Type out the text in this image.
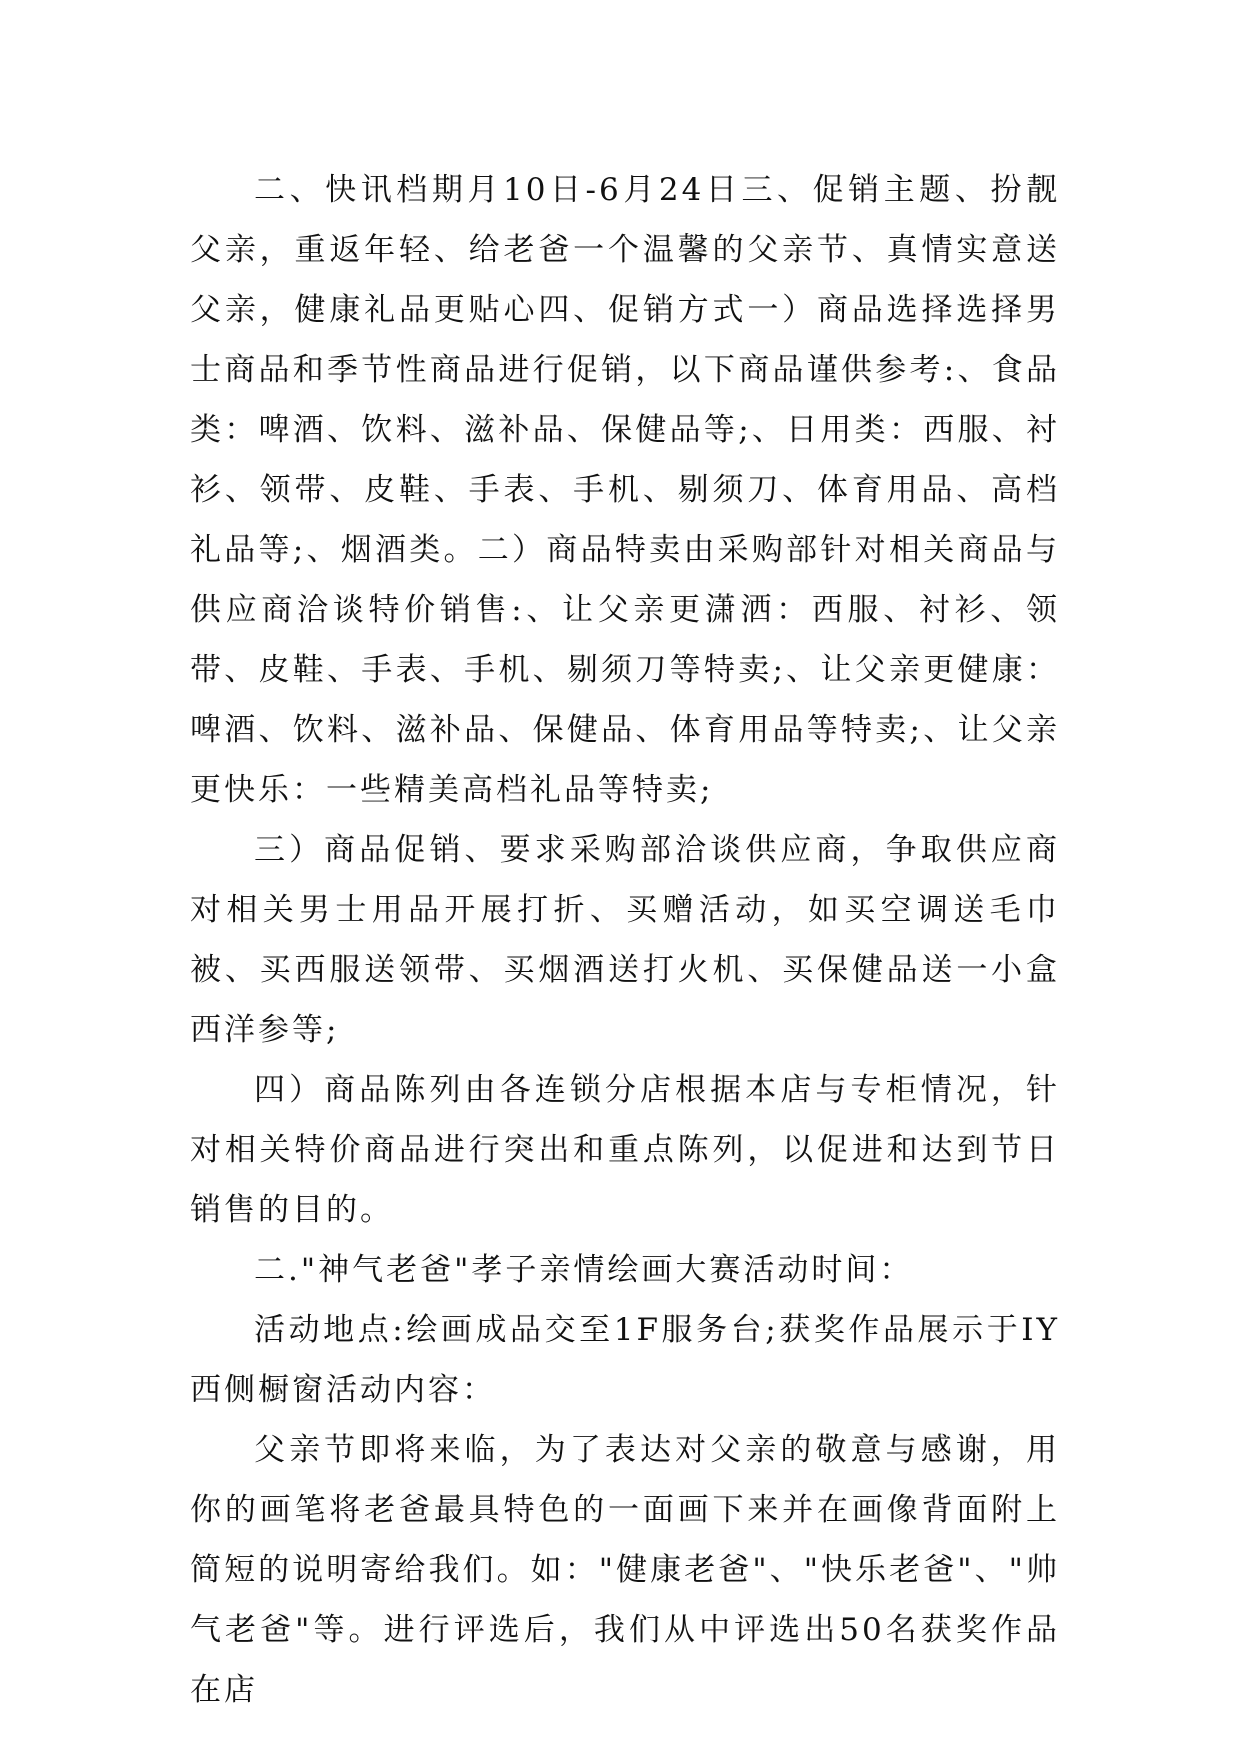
二、快讯档期月10日-6月24日三、促销主题、扮靓父亲，重返年轻、给老爸一个温馨的父亲节、真情实意送父亲，健康礼品更贴心四、促销方式一）商品选择选择男士商品和季节性商品进行促销，以下商品谨供参考:、食品类：啤酒、饮料、滋补品、保健品等;、日用类：西服、衬衫、领带、皮鞋、手表、手机、剔须刀、体育用品、高档礼品等;、烟酒类。二）商品特卖由采购部针对相关商品与供应商洽谈特价销售:、让父亲更潇洒：西服、衬衫、领带、皮鞋、手表、手机、剔须刀等特卖;、让父亲更健康：啤酒、饮料、滋补品、保健品、体育用品等特卖;、让父亲更快乐：一些精美高档礼品等特卖;

三）商品促销、要求采购部洽谈供应商，争取供应商对相关男士用品开展打折、买赠活动，如买空调送毛巾被、买西服送领带、买烟酒送打火机、买保健品送一小盒西洋参等;

四）商品陈列由各连锁分店根据本店与专柜情况，针对相关特价商品进行突出和重点陈列，以促进和达到节日销售的目的。

二."神气老爸"孝子亲情绘画大赛活动时间：

活动地点:绘画成品交至1F服务台;获奖作品展示于IY西侧橱窗活动内容：

父亲节即将来临，为了表达对父亲的敬意与感谢，用你的画笔将老爸最具特色的一面画下来并在画像背面附上简短的说明寄给我们。如："健康老爸"、"快乐老爸"、"帅气老爸"等。进行评选后，我们从中评选出50名获奖作品在店
